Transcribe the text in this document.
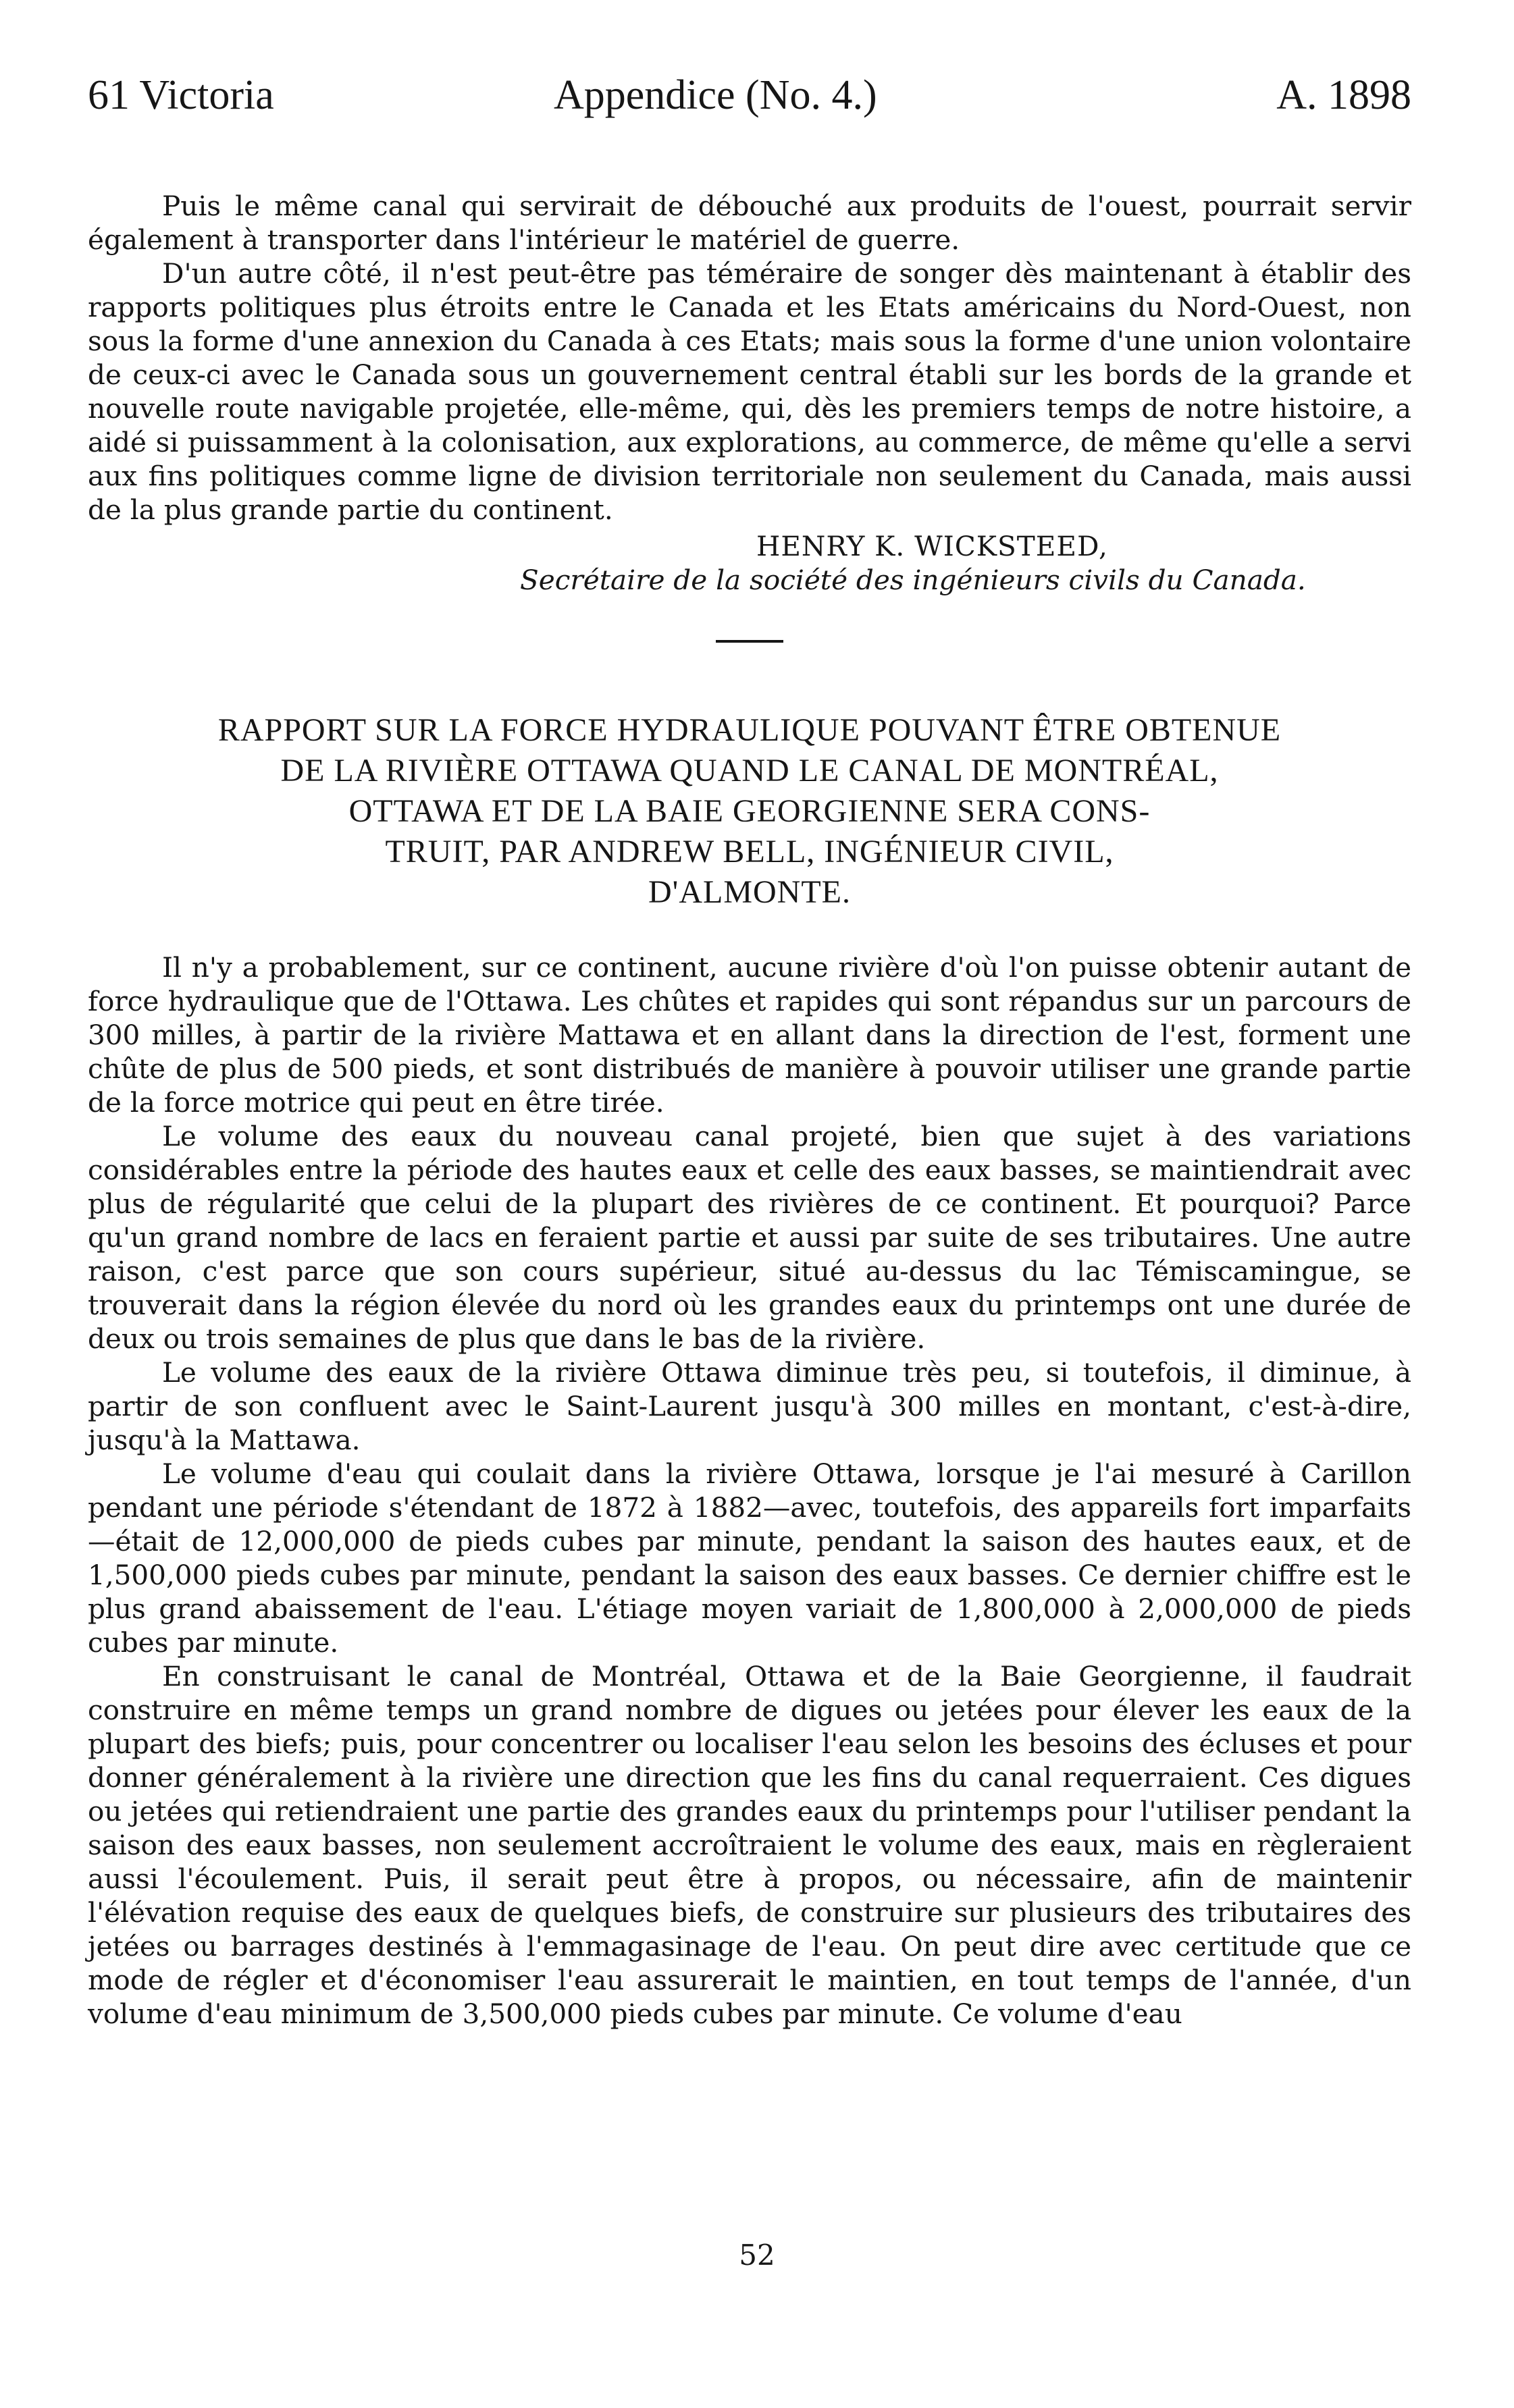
61 Victoria	Appendice (No. 4.)	A. 1898

Puis le même canal qui servirait de débouché aux produits de l'ouest, pourrait servir également à transporter dans l'intérieur le matériel de guerre.

D'un autre côté, il n'est peut-être pas téméraire de songer dès maintenant à établir des rapports politiques plus étroits entre le Canada et les Etats américains du Nord-Ouest, non sous la forme d'une annexion du Canada à ces Etats; mais sous la forme d'une union volontaire de ceux-ci avec le Canada sous un gouvernement central établi sur les bords de la grande et nouvelle route navigable projetée, elle-même, qui, dès les premiers temps de notre histoire, a aidé si puissamment à la colonisation, aux explorations, au commerce, de même qu'elle a servi aux fins politiques comme ligne de division territoriale non seulement du Canada, mais aussi de la plus grande partie du continent.

HENRY K. WICKSTEED,
Secrétaire de la société des ingénieurs civils du Canada.
RAPPORT SUR LA FORCE HYDRAULIQUE POUVANT ÊTRE OBTENUE
DE LA RIVIÈRE OTTAWA QUAND LE CANAL DE MONTRÉAL,
OTTAWA ET DE LA BAIE GEORGIENNE SERA CONS-
TRUIT, PAR ANDREW BELL, INGÉNIEUR CIVIL,
D'ALMONTE.

Il n'y a probablement, sur ce continent, aucune rivière d'où l'on puisse obtenir autant de force hydraulique que de l'Ottawa. Les chûtes et rapides qui sont répandus sur un parcours de 300 milles, à partir de la rivière Mattawa et en allant dans la direction de l'est, forment une chûte de plus de 500 pieds, et sont distribués de manière à pouvoir utiliser une grande partie de la force motrice qui peut en être tirée.

Le volume des eaux du nouveau canal projeté, bien que sujet à des variations considérables entre la période des hautes eaux et celle des eaux basses, se maintiendrait avec plus de régularité que celui de la plupart des rivières de ce continent. Et pourquoi? Parce qu'un grand nombre de lacs en feraient partie et aussi par suite de ses tributaires. Une autre raison, c'est parce que son cours supérieur, situé au-dessus du lac Témiscamingue, se trouverait dans la région élevée du nord où les grandes eaux du printemps ont une durée de deux ou trois semaines de plus que dans le bas de la rivière.

Le volume des eaux de la rivière Ottawa diminue très peu, si toutefois, il diminue, à partir de son confluent avec le Saint-Laurent jusqu'à 300 milles en montant, c'est-à-dire, jusqu'à la Mattawa.

Le volume d'eau qui coulait dans la rivière Ottawa, lorsque je l'ai mesuré à Carillon pendant une période s'étendant de 1872 à 1882—avec, toutefois, des appareils fort imparfaits—était de 12,000,000 de pieds cubes par minute, pendant la saison des hautes eaux, et de 1,500,000 pieds cubes par minute, pendant la saison des eaux basses. Ce dernier chiffre est le plus grand abaissement de l'eau. L'étiage moyen variait de 1,800,000 à 2,000,000 de pieds cubes par minute.

En construisant le canal de Montréal, Ottawa et de la Baie Georgienne, il faudrait construire en même temps un grand nombre de digues ou jetées pour élever les eaux de la plupart des biefs; puis, pour concentrer ou localiser l'eau selon les besoins des écluses et pour donner généralement à la rivière une direction que les fins du canal requerraient. Ces digues ou jetées qui retiendraient une partie des grandes eaux du printemps pour l'utiliser pendant la saison des eaux basses, non seulement accroîtraient le volume des eaux, mais en règleraient aussi l'écoulement. Puis, il serait peut être à propos, ou nécessaire, afin de maintenir l'élévation requise des eaux de quelques biefs, de construire sur plusieurs des tributaires des jetées ou barrages destinés à l'emmagasinage de l'eau. On peut dire avec certitude que ce mode de régler et d'économiser l'eau assurerait le maintien, en tout temps de l'année, d'un volume d'eau minimum de 3,500,000 pieds cubes par minute. Ce volume d'eau

52
